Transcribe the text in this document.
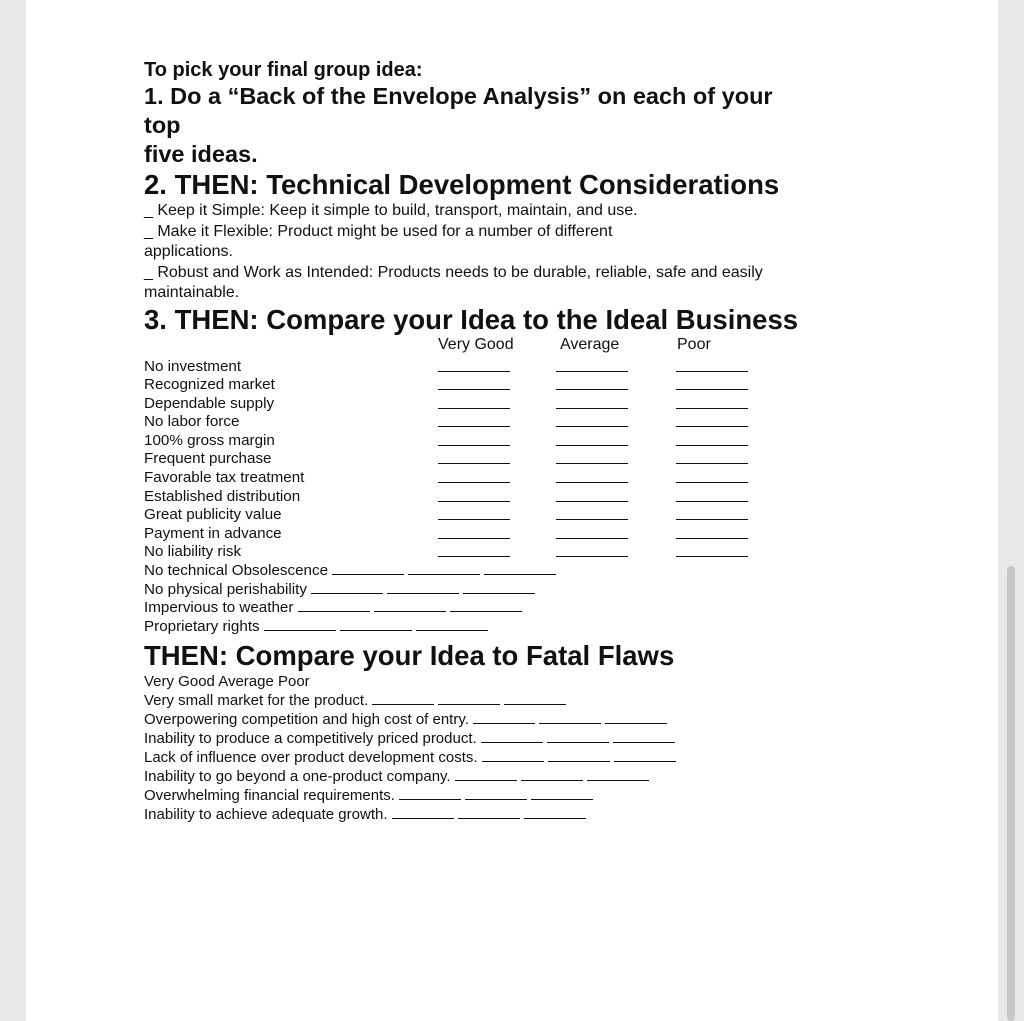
To pick your final group idea:

1. Do a “Back of the Envelope Analysis” on each of your

top

five ideas.

2. THEN: Technical Development Considerations

_ Keep it Simple: Keep it simple to build, transport, maintain, and use.

_ Make it Flexible: Product might be used for a number of different

applications.

_ Robust and Work as Intended: Products needs to be durable, reliable, safe and easily

maintainable.

3. THEN: Compare your Idea to the Ideal Business

Very Good	Average	Poor
No investment
Recognized market
Dependable supply
No labor force
100% gross margin
Frequent purchase
Favorable tax treatment
Established distribution
Great publicity value
Payment in advance
No liability risk
No technical Obsolescence
No physical perishability
Impervious to weather
Proprietary rights

THEN: Compare your Idea to Fatal Flaws

Very Good Average Poor
Very small market for the product.
Overpowering competition and high cost of entry.
Inability to produce a competitively priced product.
Lack of influence over product development costs.
Inability to go beyond a one-product company.
Overwhelming financial requirements.
Inability to achieve adequate growth.
